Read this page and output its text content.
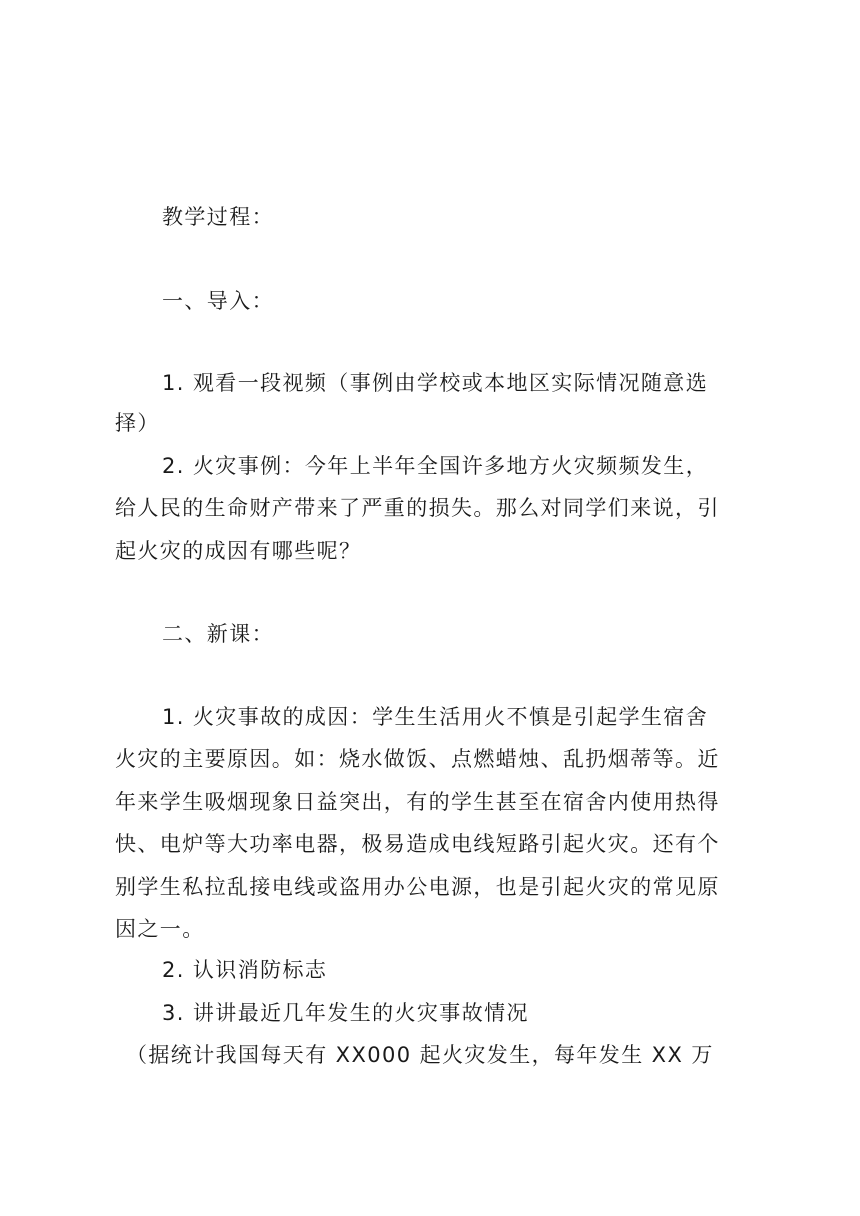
教学过程：
一、导入：
1. 观看一段视频（事例由学校或本地区实际情况随意选
择）
2. 火灾事例：今年上半年全国许多地方火灾频频发生，
给人民的生命财产带来了严重的损失。那么对同学们来说，引
起火灾的成因有哪些呢？
二、新课：
1. 火灾事故的成因：学生生活用火不慎是引起学生宿舍
火灾的主要原因。如：烧水做饭、点燃蜡烛、乱扔烟蒂等。近
年来学生吸烟现象日益突出，有的学生甚至在宿舍内使用热得
快、电炉等大功率电器，极易造成电线短路引起火灾。还有个
别学生私拉乱接电线或盗用办公电源，也是引起火灾的常见原
因之一。
2. 认识消防标志
3. 讲讲最近几年发生的火灾事故情况
（据统计我国每天有 XX000 起火灾发生，每年发生 XX 万
